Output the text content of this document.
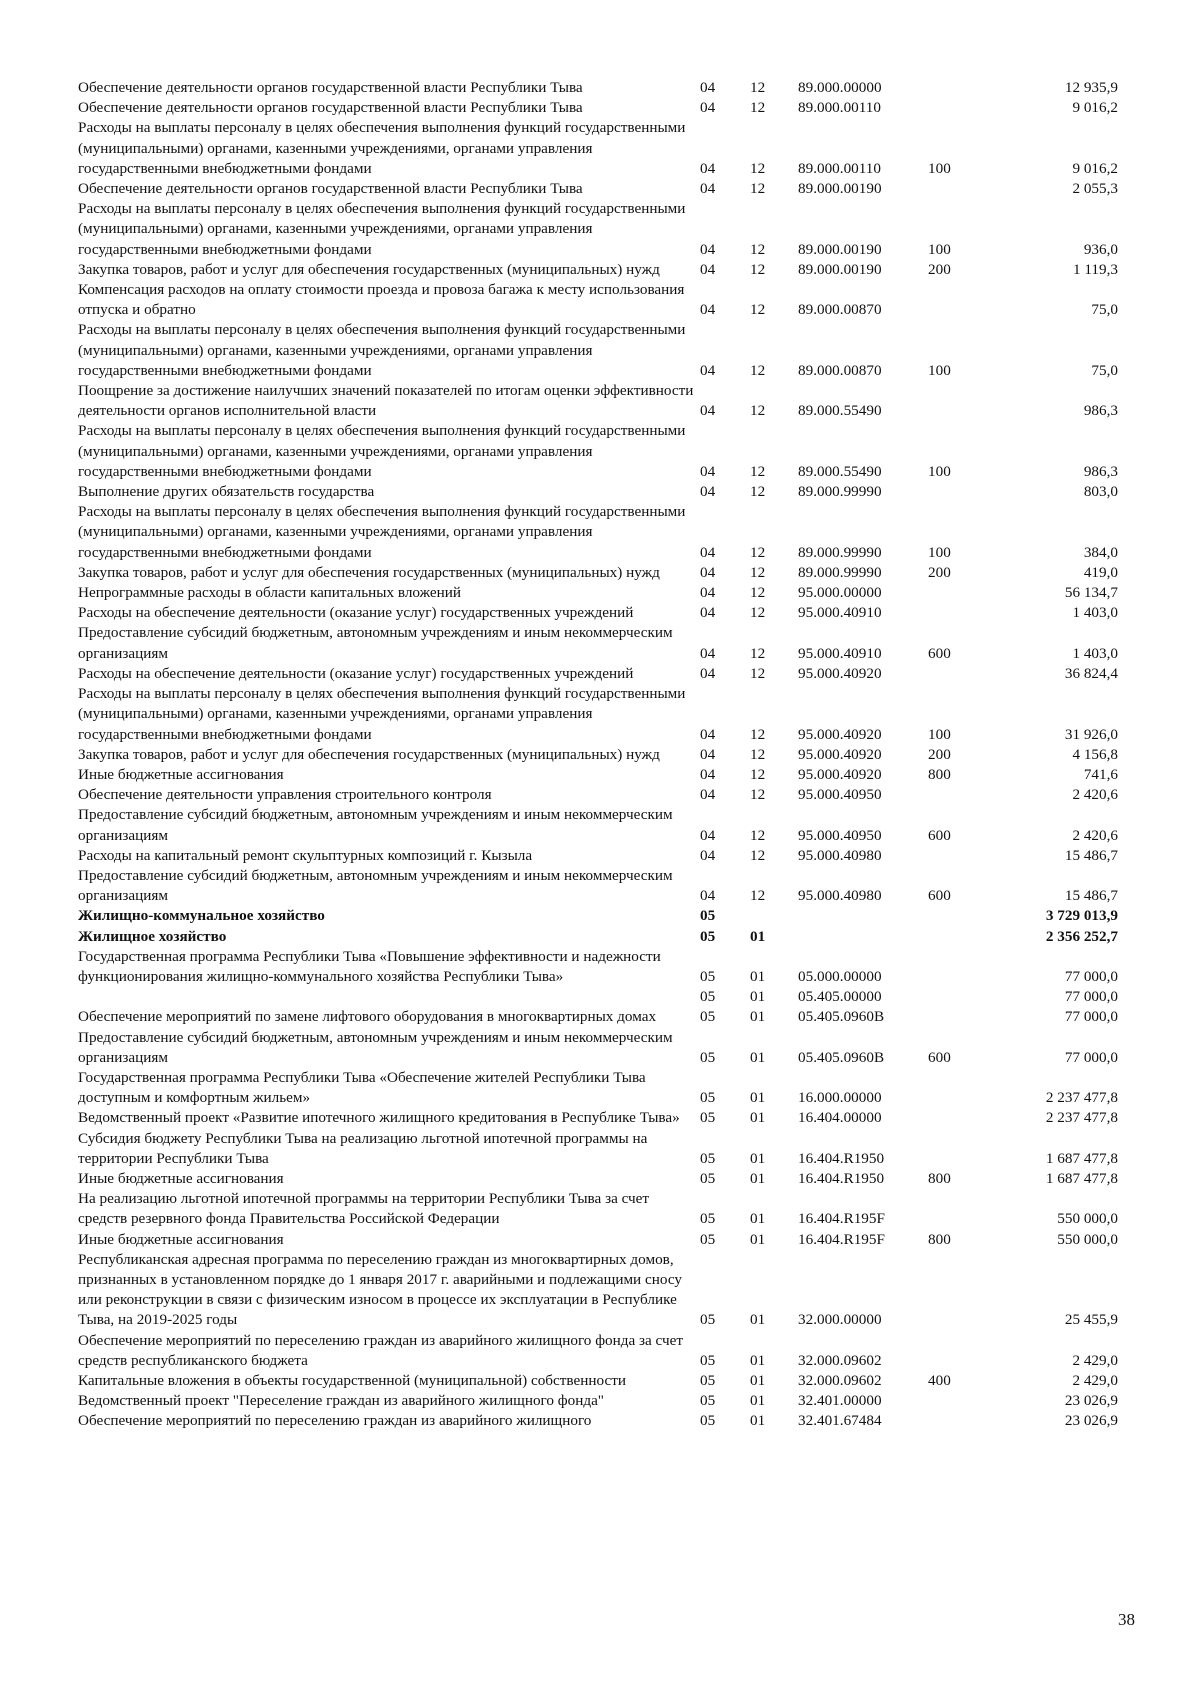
Обеспечение деятельности органов государственной власти Республики Тыва	04	12	89.000.00000		12 935,9
Обеспечение деятельности органов государственной власти Республики Тыва	04	12	89.000.00110		9 016,2
Расходы на выплаты персоналу в целях обеспечения выполнения функций государственными (муниципальными) органами, казенными учреждениями, органами управления государственными внебюджетными фондами	04	12	89.000.00110	100	9 016,2
Обеспечение деятельности органов государственной власти Республики Тыва	04	12	89.000.00190		2 055,3
Расходы на выплаты персоналу в целях обеспечения выполнения функций государственными (муниципальными) органами, казенными учреждениями, органами управления государственными внебюджетными фондами	04	12	89.000.00190	100	936,0
Закупка товаров, работ и услуг для обеспечения государственных (муниципальных) нужд	04	12	89.000.00190	200	1 119,3
Компенсация расходов на оплату стоимости проезда и провоза багажа к месту использования отпуска и обратно	04	12	89.000.00870		75,0
Расходы на выплаты персоналу в целях обеспечения выполнения функций государственными (муниципальными) органами, казенными учреждениями, органами управления государственными внебюджетными фондами	04	12	89.000.00870	100	75,0
Поощрение за достижение наилучших значений показателей по итогам оценки эффективности деятельности органов исполнительной власти	04	12	89.000.55490		986,3
Расходы на выплаты персоналу в целях обеспечения выполнения функций государственными (муниципальными) органами, казенными учреждениями, органами управления государственными внебюджетными фондами	04	12	89.000.55490	100	986,3
Выполнение других обязательств государства	04	12	89.000.99990		803,0
Расходы на выплаты персоналу в целях обеспечения выполнения функций государственными (муниципальными) органами, казенными учреждениями, органами управления государственными внебюджетными фондами	04	12	89.000.99990	100	384,0
Закупка товаров, работ и услуг для обеспечения государственных (муниципальных) нужд	04	12	89.000.99990	200	419,0
Непрограммные расходы в области капитальных вложений	04	12	95.000.00000		56 134,7
Расходы на обеспечение деятельности (оказание услуг) государственных учреждений	04	12	95.000.40910		1 403,0
Предоставление субсидий бюджетным, автономным учреждениям и иным некоммерческим организациям	04	12	95.000.40910	600	1 403,0
Расходы на обеспечение деятельности (оказание услуг) государственных учреждений	04	12	95.000.40920		36 824,4
Расходы на выплаты персоналу в целях обеспечения выполнения функций государственными (муниципальными) органами, казенными учреждениями, органами управления государственными внебюджетными фондами	04	12	95.000.40920	100	31 926,0
Закупка товаров, работ и услуг для обеспечения государственных (муниципальных) нужд	04	12	95.000.40920	200	4 156,8
Иные бюджетные ассигнования	04	12	95.000.40920	800	741,6
Обеспечение деятельности управления строительного контроля	04	12	95.000.40950		2 420,6
Предоставление субсидий бюджетным, автономным учреждениям и иным некоммерческим организациям	04	12	95.000.40950	600	2 420,6
Расходы на капитальный ремонт скульптурных композиций г. Кызыла	04	12	95.000.40980		15 486,7
Предоставление субсидий бюджетным, автономным учреждениям и иным некоммерческим организациям	04	12	95.000.40980	600	15 486,7
Жилищно-коммунальное хозяйство	05				3 729 013,9
Жилищное хозяйство	05	01			2 356 252,7
Государственная программа Республики Тыва «Повышение эффективности и надежности функционирования жилищно-коммунального хозяйства Республики Тыва»	05	01	05.000.00000		77 000,0
	05	01	05.405.00000		77 000,0
Обеспечение мероприятий по замене лифтового оборудования в многоквартирных домах	05	01	05.405.0960В		77 000,0
Предоставление субсидий бюджетным, автономным учреждениям и иным некоммерческим организациям	05	01	05.405.0960В	600	77 000,0
Государственная программа Республики Тыва «Обеспечение жителей Республики Тыва доступным и комфортным жильем»	05	01	16.000.00000		2 237 477,8
Ведомственный проект «Развитие ипотечного жилищного кредитования в Республике Тыва»	05	01	16.404.00000		2 237 477,8
Субсидия бюджету Республики Тыва на реализацию льготной ипотечной программы на территории Республики Тыва	05	01	16.404.R1950		1 687 477,8
Иные бюджетные ассигнования	05	01	16.404.R1950	800	1 687 477,8
На реализацию льготной ипотечной программы на территории Республики Тыва за счет средств резервного фонда Правительства Российской Федерации	05	01	16.404.R195F		550 000,0
Иные бюджетные ассигнования	05	01	16.404.R195F	800	550 000,0
Республиканская адресная программа по переселению граждан из многоквартирных домов, признанных в установленном порядке до 1 января 2017 г. аварийными и подлежащими сносу или реконструкции в связи с физическим износом в процессе их эксплуатации в Республике Тыва, на 2019-2025 годы	05	01	32.000.00000		25 455,9
Обеспечение мероприятий по переселению граждан из аварийного жилищного фонда за счет средств республиканского бюджета	05	01	32.000.09602		2 429,0
Капитальные вложения в объекты государственной (муниципальной) собственности	05	01	32.000.09602	400	2 429,0
Ведомственный проект "Переселение граждан из аварийного жилищного фонда"	05	01	32.401.00000		23 026,9
Обеспечение мероприятий по переселению граждан из аварийного жилищного	05	01	32.401.67484		23 026,9
38
